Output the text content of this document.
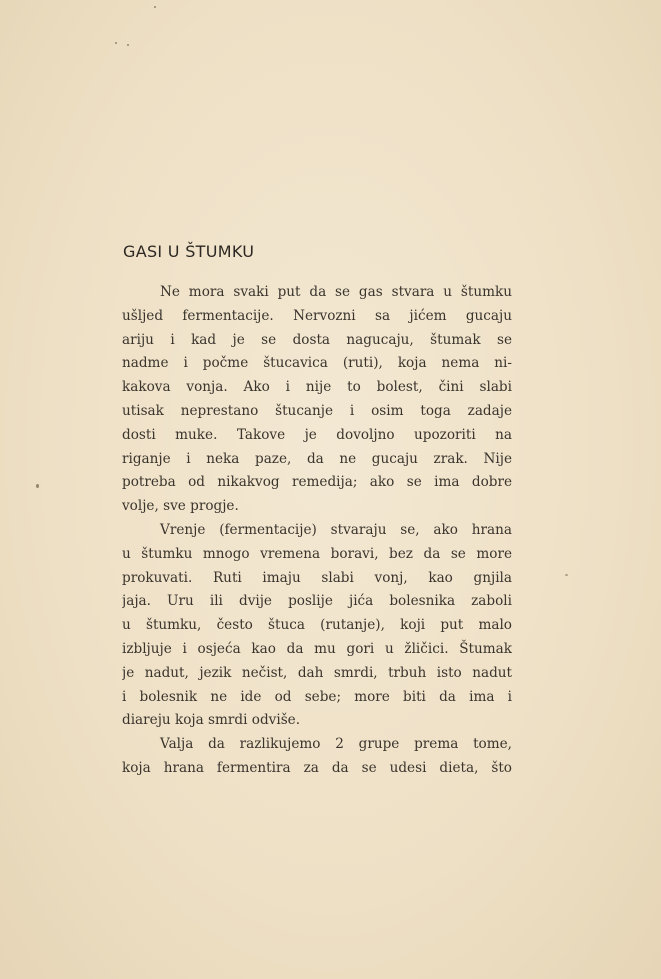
GASI U ŠTUMKU
Ne mora svaki put da se gas stvara u štumku
ušljed fermentacije. Nervozni sa jićem gucaju
ariju i kad je se dosta nagucaju, štumak se
nadme i počme štucavica (ruti), koja nema ni-
kakova vonja. Ako i nije to bolest, čini slabi
utisak neprestano štucanje i osim toga zadaje
dosti muke. Takove je dovoljno upozoriti na
riganje i neka paze, da ne gucaju zrak. Nije
potreba od nikakvog remedija; ako se ima dobre
volje, sve progje.
Vrenje (fermentacije) stvaraju se, ako hrana
u štumku mnogo vremena boravi, bez da se more
prokuvati. Ruti imaju slabi vonj, kao gnjila
jaja. Uru ili dvije poslije jića bolesnika zaboli
u štumku, često štuca (rutanje), koji put malo
izbljuje i osjeća kao da mu gori u žličici. Štumak
je nadut, jezik nečist, dah smrdi, trbuh isto nadut
i bolesnik ne ide od sebe; more biti da ima i
diareju koja smrdi odviše.
Valja da razlikujemo 2 grupe prema tome,
koja hrana fermentira za da se udesi dieta, što
